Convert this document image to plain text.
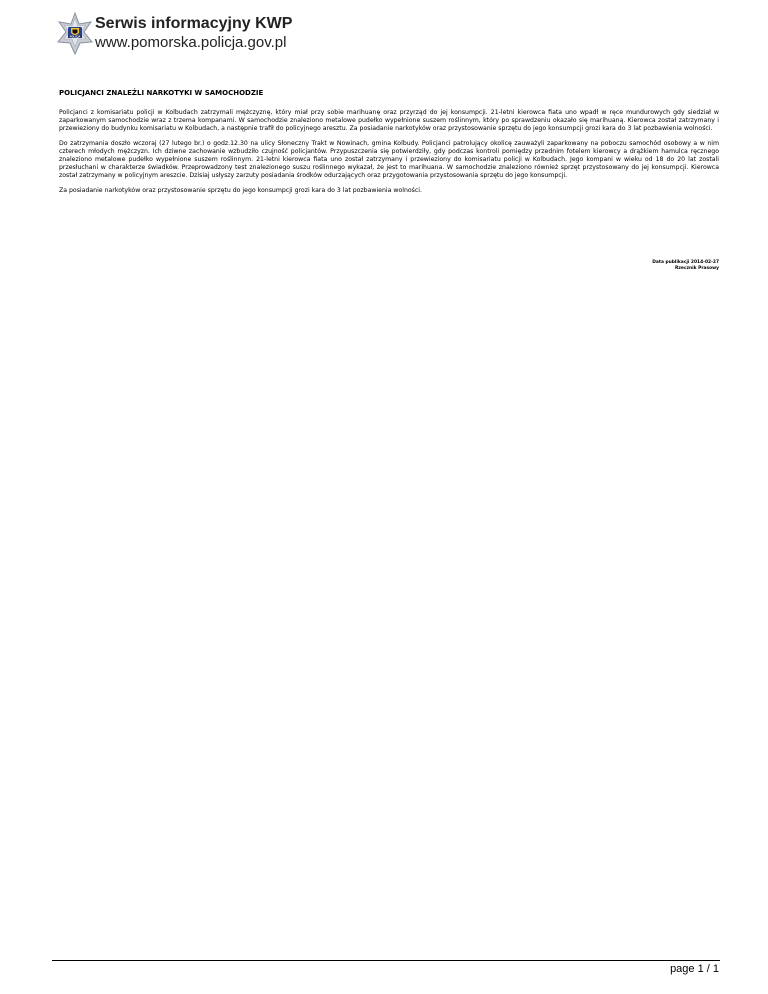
POLICJA
Serwis informacyjny KWP
www.pomorska.policja.gov.pl
POLICJANCI ZNALEŹLI NARKOTYKI W SAMOCHODZIE

Policjanci z komisariatu policji w Kolbudach zatrzymali mężczyznę, który miał przy sobie marihuanę oraz przyrząd do jej konsumpcji. 21-letni kierowca fiata uno wpadł w ręce mundurowych gdy siedział w zaparkowanym samochodzie wraz z trzema kompanami. W samochodzie znaleziono metalowe pudełko wypełnione suszem roślinnym, który po sprawdzeniu okazało się marihuaną. Kierowca został zatrzymany i przewieziony do budynku komisariatu w Kolbudach, a następnie trafił do policyjnego aresztu. Za posiadanie narkotyków oraz przystosowanie sprzętu do jego konsumpcji grozi kara do 3 lat pozbawienia wolności.

Do zatrzymania doszło wczoraj (27 lutego br.) o godz.12.30 na ulicy Słoneczny Trakt w Nowinach, gmina Kolbudy. Policjanci patrolujący okolicę zauważyli zaparkowany na poboczu samochód osobowy a w nim czterech młodych mężczyzn. Ich dziwne zachowanie wzbudziło czujność policjantów. Przypuszczenia się potwierdziły, gdy podczas kontroli pomiędzy przednim fotelem kierowcy a drążkiem hamulca ręcznego znaleziono metalowe pudełko wypełnione suszem roślinnym. 21-letni kierowca fiata uno został zatrzymany i przewieziony do komisariatu policji w Kolbudach. Jego kompani w wieku od 18 do 20 lat zostali przesłuchani w charakterze świadków. Przeprowadzony test znalezionego suszu roślinnego wykazał, że jest to marihuana. W samochodzie znaleziono również sprzęt przystosowany do jej konsumpcji. Kierowca został zatrzymany w policyjnym areszcie. Dzisiaj usłyszy zarzuty posiadania środków odurzających oraz przygotowania przystosowania sprzętu do jego konsumpcji.

Za posiadanie narkotyków oraz przystosowanie sprzętu do jego konsumpcji grozi kara do 3 lat pozbawienia wolności.

Data publikacji 2014-02-27
Rzecznik Prasowy
page 1 / 1
